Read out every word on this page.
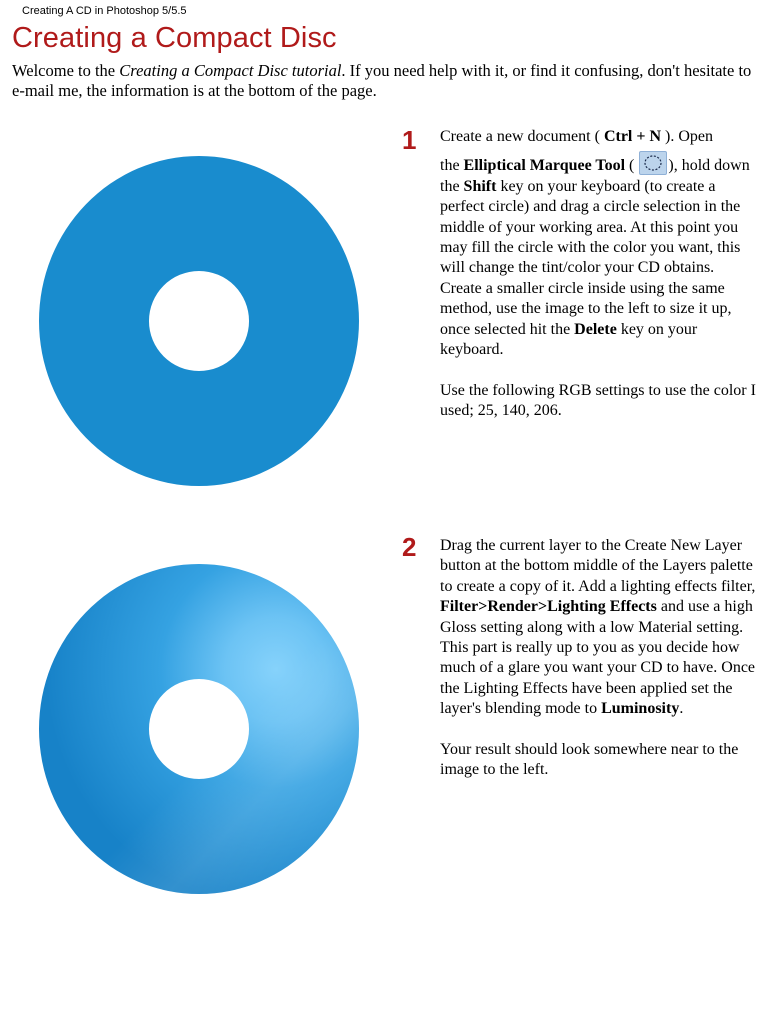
Creating A CD in Photoshop 5/5.5
Creating a Compact Disc

Welcome to the Creating a Compact Disc tutorial. If you need help with it, or find it confusing, don't hesitate to e-mail me, the information is at the bottom of the page.

1 Create a new document ( Ctrl + N ). Open

the Elliptical Marquee Tool (
), hold down the Shift key on your keyboard (to create a perfect circle) and drag a circle selection in the middle of your working area. At this point you may fill the circle with the color you want, this will change the tint/color your CD obtains. Create a smaller circle inside using the same method, use the image to the left to size it up, once selected hit the Delete key on your keyboard.

Use the following RGB settings to use the color I used; 25, 140, 206.

2 Drag the current layer to the Create New Layer button at the bottom middle of the Layers palette to create a copy of it. Add a lighting effects filter, Filter>Render>Lighting Effects and use a high Gloss setting along with a low Material setting. This part is really up to you as you decide how much of a glare you want your CD to have. Once the Lighting Effects have been applied set the layer's blending mode to Luminosity.

Your result should look somewhere near to the image to the left.
